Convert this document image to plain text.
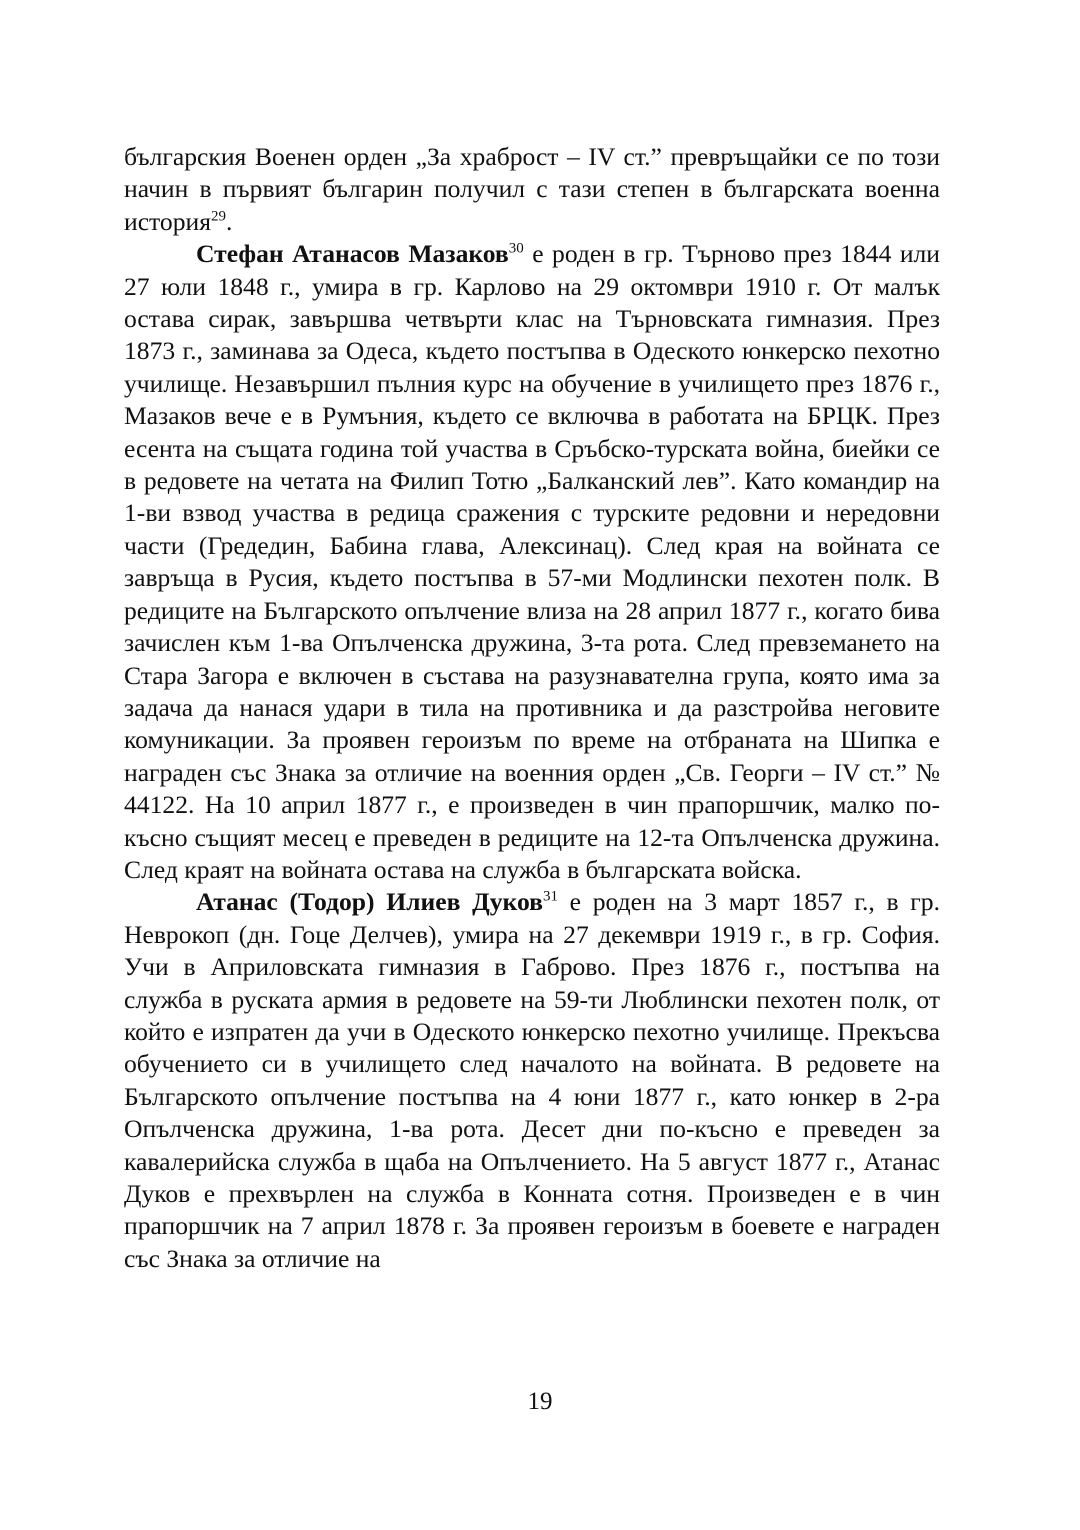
българския Военен орден „За храброст – IV ст.” превръщайки се по този начин в първият българин получил с тази степен в българската военна история$^{29}$.

Стефан Атанасов Мазаков$^{30}$ е роден в гр. Търново през 1844 или 27 юли 1848 г., умира в гр. Карлово на 29 октомври 1910 г. От малък остава сирак, завършва четвърти клас на Търновската гимназия. През 1873 г., заминава за Одеса, където постъпва в Одеското юнкерско пехотно училище. Незавършил пълния курс на обучение в училището през 1876 г., Мазаков вече е в Румъния, където се включва в работата на БРЦК. През есента на същата година той участва в Сръбско-турската война, биейки се в редовете на четата на Филип Тотю „Балканский лев”. Като командир на 1-ви взвод участва в редица сражения с турските редовни и нередовни части (Гредедин, Бабина глава, Алексинац). След края на войната се завръща в Русия, където постъпва в 57-ми Модлински пехотен полк. В редиците на Българското опълчение влиза на 28 април 1877 г., когато бива зачислен към 1-ва Опълченска дружина, 3-та рота. След превземането на Стара Загора е включен в състава на разузнавателна група, която има за задача да нанася удари в тила на противника и да разстройва неговите комуникации. За проявен героизъм по време на отбраната на Шипка е награден със Знака за отличие на военния орден „Св. Георги – IV ст.” № 44122. На 10 април 1877 г., е произведен в чин прапоршчик, малко по-късно същият месец е преведен в редиците на 12-та Опълченска дружина. След краят на войната остава на служба в българската войска.

Атанас (Тодор) Илиев Дуков$^{31}$ е роден на 3 март 1857 г., в гр. Неврокоп (дн. Гоце Делчев), умира на 27 декември 1919 г., в гр. София. Учи в Априловската гимназия в Габрово. През 1876 г., постъпва на служба в руската армия в редовете на 59-ти Люблински пехотен полк, от който е изпратен да учи в Одеското юнкерско пехотно училище. Прекъсва обучението си в училището след началото на войната. В редовете на Българското опълчение постъпва на 4 юни 1877 г., като юнкер в 2-ра Опълченска дружина, 1-ва рота. Десет дни по-късно е преведен за кавалерийска служба в щаба на Опълчението. На 5 август 1877 г., Атанас Дуков е прехвърлен на служба в Конната сотня. Произведен е в чин прапоршчик на 7 април 1878 г. За проявен героизъм в боевете е награден със Знака за отличие на

19
